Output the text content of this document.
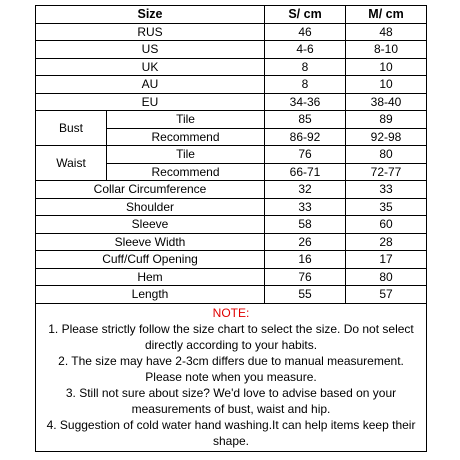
Size		S/ cm	M/ cm
RUS		46	48
US		4-6	8-10
UK		8	10
AU		8	10
EU		34-36	38-40
Bust	Tile	85	89
	Recommend	86-92	92-98
Waist	Tile	76	80
	Recommend	66-71	72-77
Collar Circumference		32	33
Shoulder		33	35
Sleeve		58	60
Sleeve Width		26	28
Cuff/Cuff Opening		16	17
Hem		76	80
Length		55	57

NOTE:
1. Please strictly follow the size chart to select the size. Do not select directly according to your habits.
2. The size may have 2-3cm differs due to manual measurement. Please note when you measure.
3. Still not sure about size? We'd love to advise based on your measurements of bust, waist and hip.
4. Suggestion of cold water hand washing.It can help items keep their shape.			
